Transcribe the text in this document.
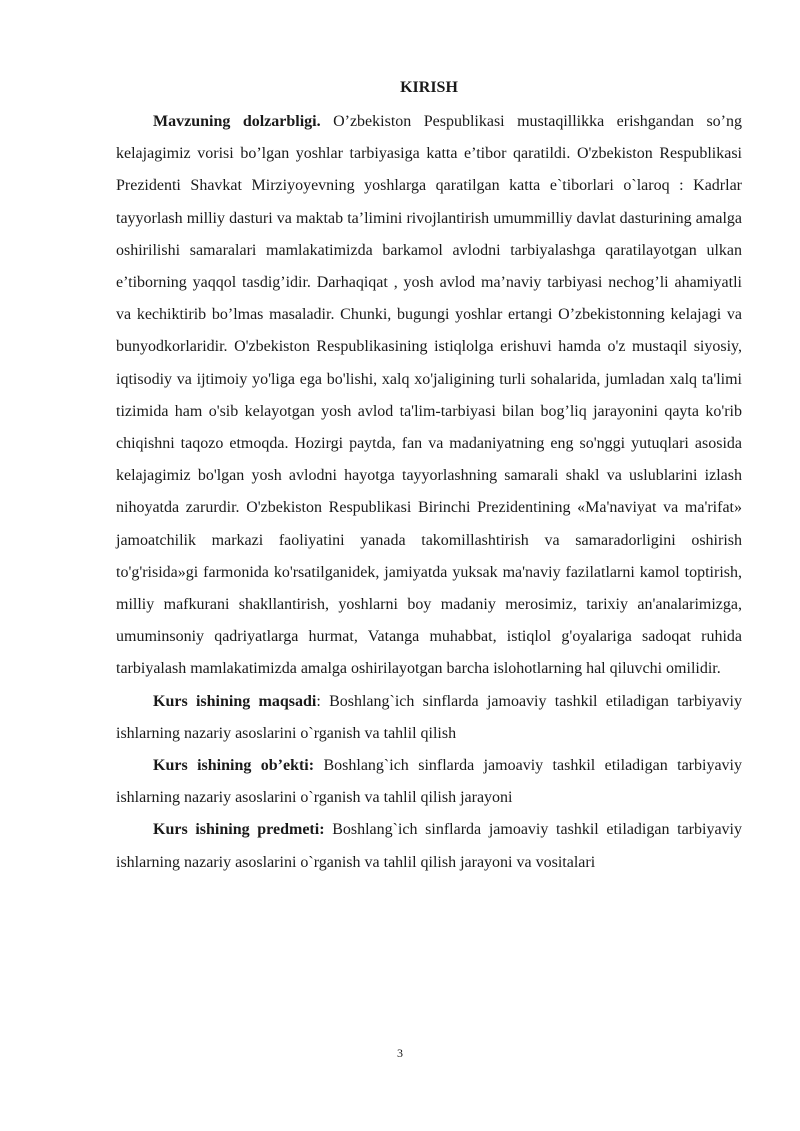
KIRISH

Mavzuning dolzarbligi. O’zbekiston Pespublikasi mustaqillikka erishgandan so’ng kelajagimiz vorisi bo’lgan yoshlar tarbiyasiga katta e’tibor qaratildi. O'zbekiston Respublikasi Prezidenti Shavkat Mirziyoyevning yoshlarga qaratilgan katta e`tiborlari o`laroq : Kadrlar tayyorlash milliy dasturi va maktab ta’limini rivojlantirish umummilliy davlat dasturining amalga oshirilishi samaralari mamlakatimizda barkamol avlodni tarbiyalashga qaratilayotgan ulkan e’tiborning yaqqol tasdig’idir. Darhaqiqat , yosh avlod ma’naviy tarbiyasi nechog’li ahamiyatli va kechiktirib bo’lmas masaladir. Chunki, bugungi yoshlar ertangi O’zbekistonning kelajagi va bunyodkorlaridir. O'zbekiston Respublikasining istiqlolga erishuvi hamda o'z mustaqil siyosiy, iqtisodiy va ijtimoiy yo'liga ega bo'lishi, xalq xo'jaligining turli sohalarida, jumladan xalq ta'limi tizimida ham o'sib kelayotgan yosh avlod ta'lim-tarbiyasi bilan bog’liq jarayonini qayta ko'rib chiqishni taqozo etmoqda. Hozirgi paytda, fan va madaniyatning eng so'nggi yutuqlari asosida kelajagimiz bo'lgan yosh avlodni hayotga tayyorlashning samarali shakl va uslublarini izlash nihoyatda zarurdir. O'zbekiston Respublikasi Birinchi Prezidentining «Ma'naviyat va ma'rifat» jamoatchilik markazi faoliyatini yanada takomillashtirish va samaradorligini oshirish to'g'risida»gi farmonida ko'rsatilganidek, jamiyatda yuksak ma'naviy fazilatlarni kamol toptirish, milliy mafkurani shakllantirish, yoshlarni boy madaniy merosimiz, tarixiy an'analarimizga, umuminsoniy qadriyatlarga hurmat, Vatanga muhabbat, istiqlol g'oyalariga sadoqat ruhida tarbiyalash mamlakatimizda amalga oshirilayotgan barcha islohotlarning hal qiluvchi omilidir.

Kurs ishining maqsadi: Boshlang`ich sinflarda jamoaviy tashkil etiladigan tarbiyaviy ishlarning nazariy asoslarini o`rganish va tahlil qilish

Kurs ishining ob’ekti: Boshlang`ich sinflarda jamoaviy tashkil etiladigan tarbiyaviy ishlarning nazariy asoslarini o`rganish va tahlil qilish jarayoni

Kurs ishining predmeti: Boshlang`ich sinflarda jamoaviy tashkil etiladigan tarbiyaviy ishlarning nazariy asoslarini o`rganish va tahlil qilish jarayoni va vositalari

3
